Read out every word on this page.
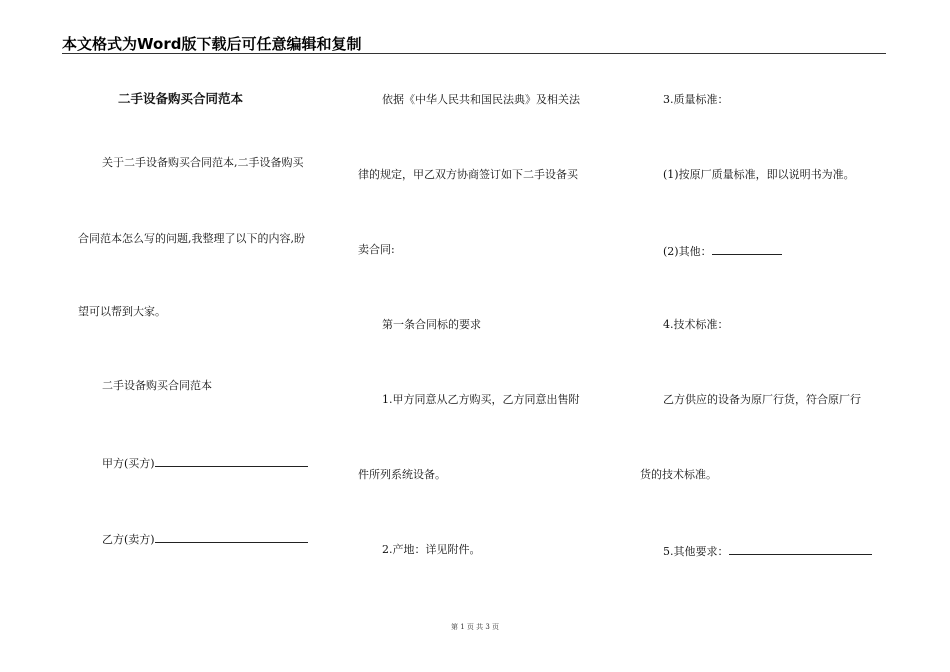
本文格式为Word版下载后可任意编辑和复制
二手设备购买合同范本
关于二手设备购买合同范本,二手设备购买
合同范本怎么写的问题,我整理了以下的内容,盼
望可以帮到大家。
二手设备购买合同范本
甲方(买方)
乙方(卖方)
依据《中华人民共和国民法典》及相关法
律的规定，甲乙双方协商签订如下二手设备买
卖合同:
第一条合同标的要求
1.甲方同意从乙方购买，乙方同意出售附
件所列系统设备。
2.产地：详见附件。
3.质量标准：
(1)按原厂质量标准，即以说明书为准。
(2)其他：
4.技术标准：
乙方供应的设备为原厂行货，符合原厂行
货的技术标准。
5.其他要求：
第 1 页 共 3 页
